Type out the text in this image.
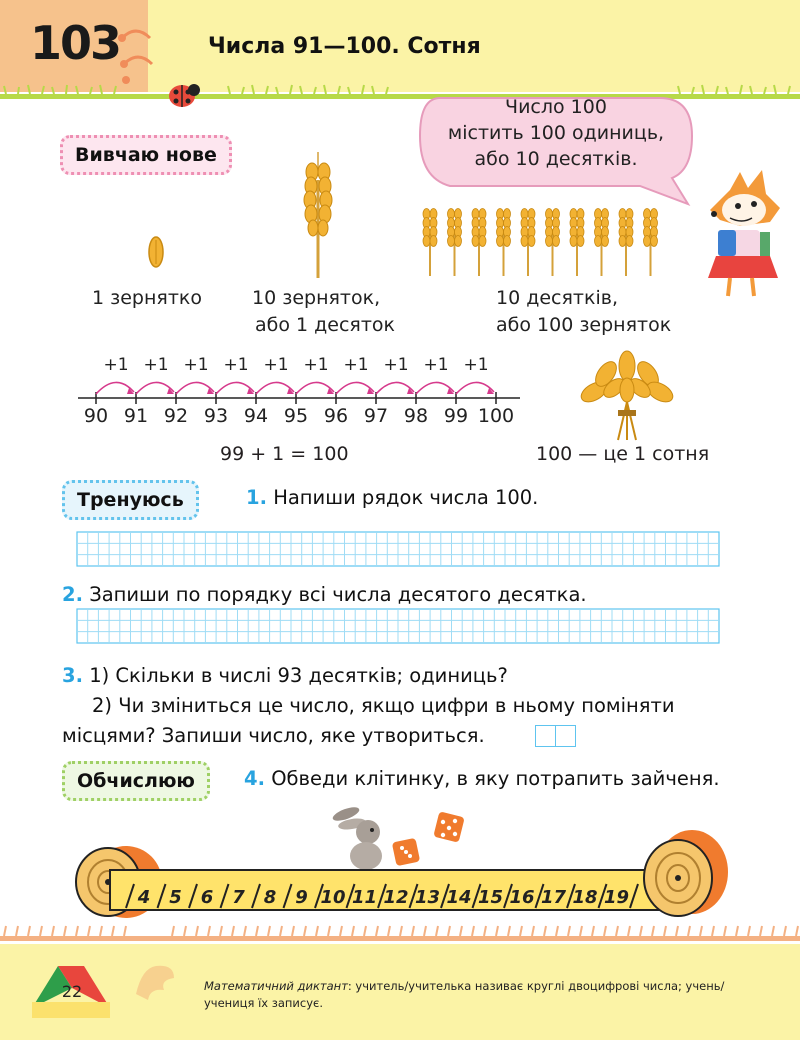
103	Числа 91—100. Сотня
Вивчаю нове
Число 100
містить 100 одиниць,
або 10 десятків.
1 зернятко	10 зерняток,
або 1 десяток
10 десятків,
або 100 зерняток
+1 +1 +1 +1 +1 +1 +1 +1 +1 +1
90 91 92 93 94 95 96 97 98 99 100
99 + 1 = 100	100 — це 1 сотня
Тренуюсь	1. Напиши рядок числа 100.
2. Запиши по порядку всі числа десятого десятка.
3. 1) Скільки в числі 93 десятків; одиниць?
2) Чи зміниться це число, якщо цифри в ньому поміняти
місцями? Запиши число, яке утвориться.
Обчислюю	4. Обведи клітинку, в яку потрапить зайченя.
4 5 6 7 8 9 10 11 12 13 14 15 16 17 18 19
22	Математичний диктант: учитель/учителька називає круглі двоцифрові числа; учень/учениця їх записує.
